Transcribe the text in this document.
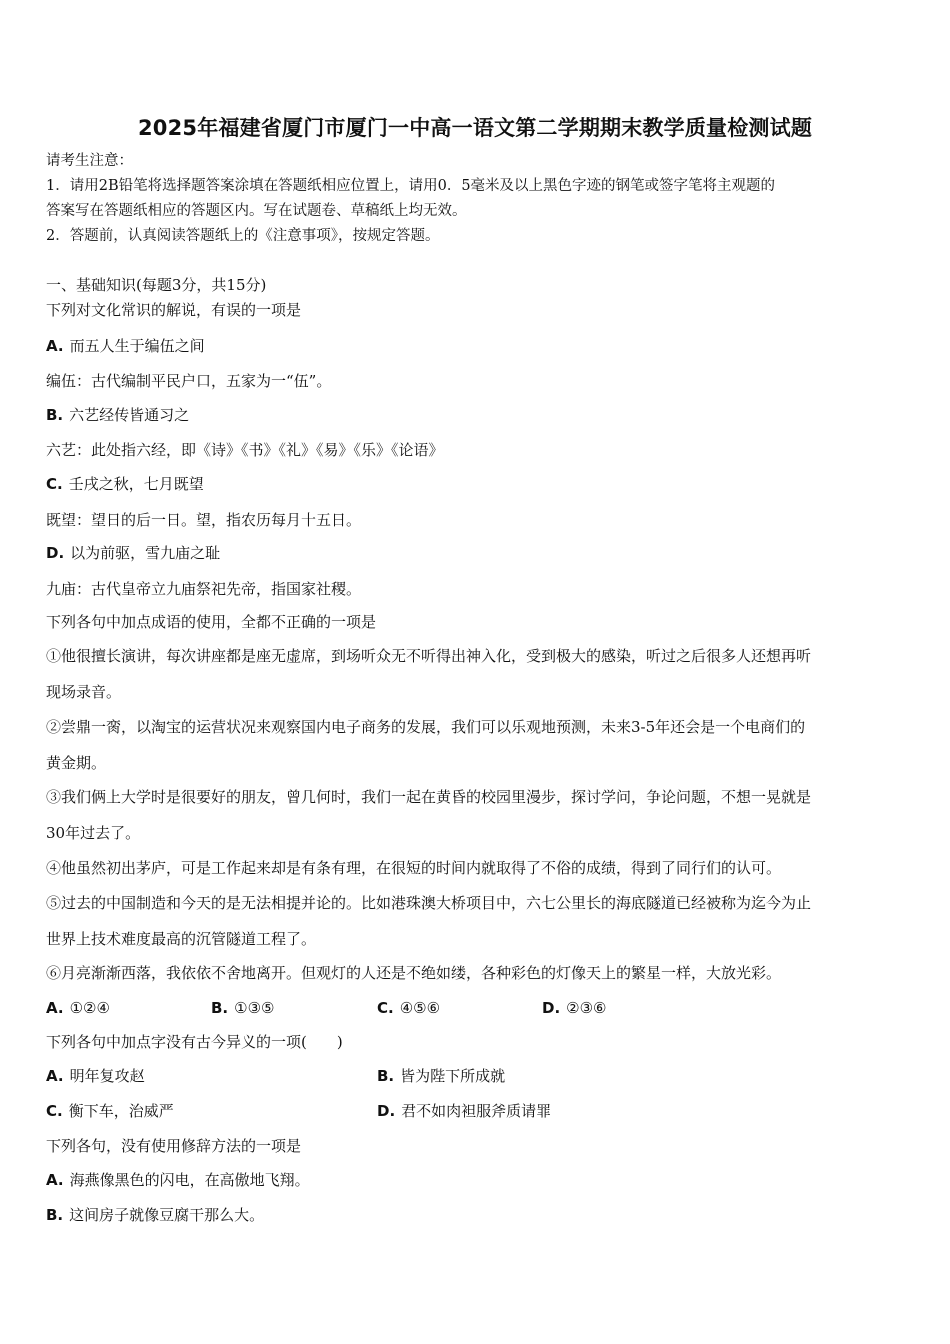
2025年福建省厦门市厦门一中高一语文第二学期期末教学质量检测试题
请考生注意：
1．请用2B铅笔将选择题答案涂填在答题纸相应位置上，请用0．5毫米及以上黑色字迹的钢笔或签字笔将主观题的
答案写在答题纸相应的答题区内。写在试题卷、草稿纸上均无效。
2．答题前，认真阅读答题纸上的《注意事项》，按规定答题。
一、基础知识(每题3分，共15分)
下列对文化常识的解说，有误的一项是
A. 而五人生于编伍之间
编伍：古代编制平民户口，五家为一“伍”。
B. 六艺经传皆通习之
六艺：此处指六经，即《诗》《书》《礼》《易》《乐》《论语》
C. 壬戌之秋，七月既望
既望：望日的后一日。望，指农历每月十五日。
D. 以为前驱，雪九庙之耻
九庙：古代皇帝立九庙祭祀先帝，指国家社稷。
下列各句中加点成语的使用，全都不正确的一项是
①他很擅长演讲，每次讲座都是座无虚席，到场听众无不听得出神入化，受到极大的感染，听过之后很多人还想再听
现场录音。
②尝鼎一脔，以淘宝的运营状况来观察国内电子商务的发展，我们可以乐观地预测，未来3-5年还会是一个电商们的
黄金期。
③我们俩上大学时是很要好的朋友，曾几何时，我们一起在黄昏的校园里漫步，探讨学问，争论问题，不想一晃就是
30年过去了。
④他虽然初出茅庐，可是工作起来却是有条有理，在很短的时间内就取得了不俗的成绩，得到了同行们的认可。
⑤过去的中国制造和今天的是无法相提并论的。比如港珠澳大桥项目中，六七公里长的海底隧道已经被称为迄今为止
世界上技术难度最高的沉管隧道工程了。
⑥月亮渐渐西落，我依依不舍地离开。但观灯的人还是不绝如缕，各种彩色的灯像天上的繁星一样，大放光彩。
A. ①②④	B. ①③⑤	C. ④⑤⑥	D. ②③⑥
下列各句中加点字没有古今异义的一项(　　)
A. 明年复攻赵	B. 皆为陛下所成就
C. 衡下车，治威严	D. 君不如肉袒服斧质请罪
下列各句，没有使用修辞方法的一项是
A. 海燕像黑色的闪电，在高傲地飞翔。
B. 这间房子就像豆腐干那么大。
